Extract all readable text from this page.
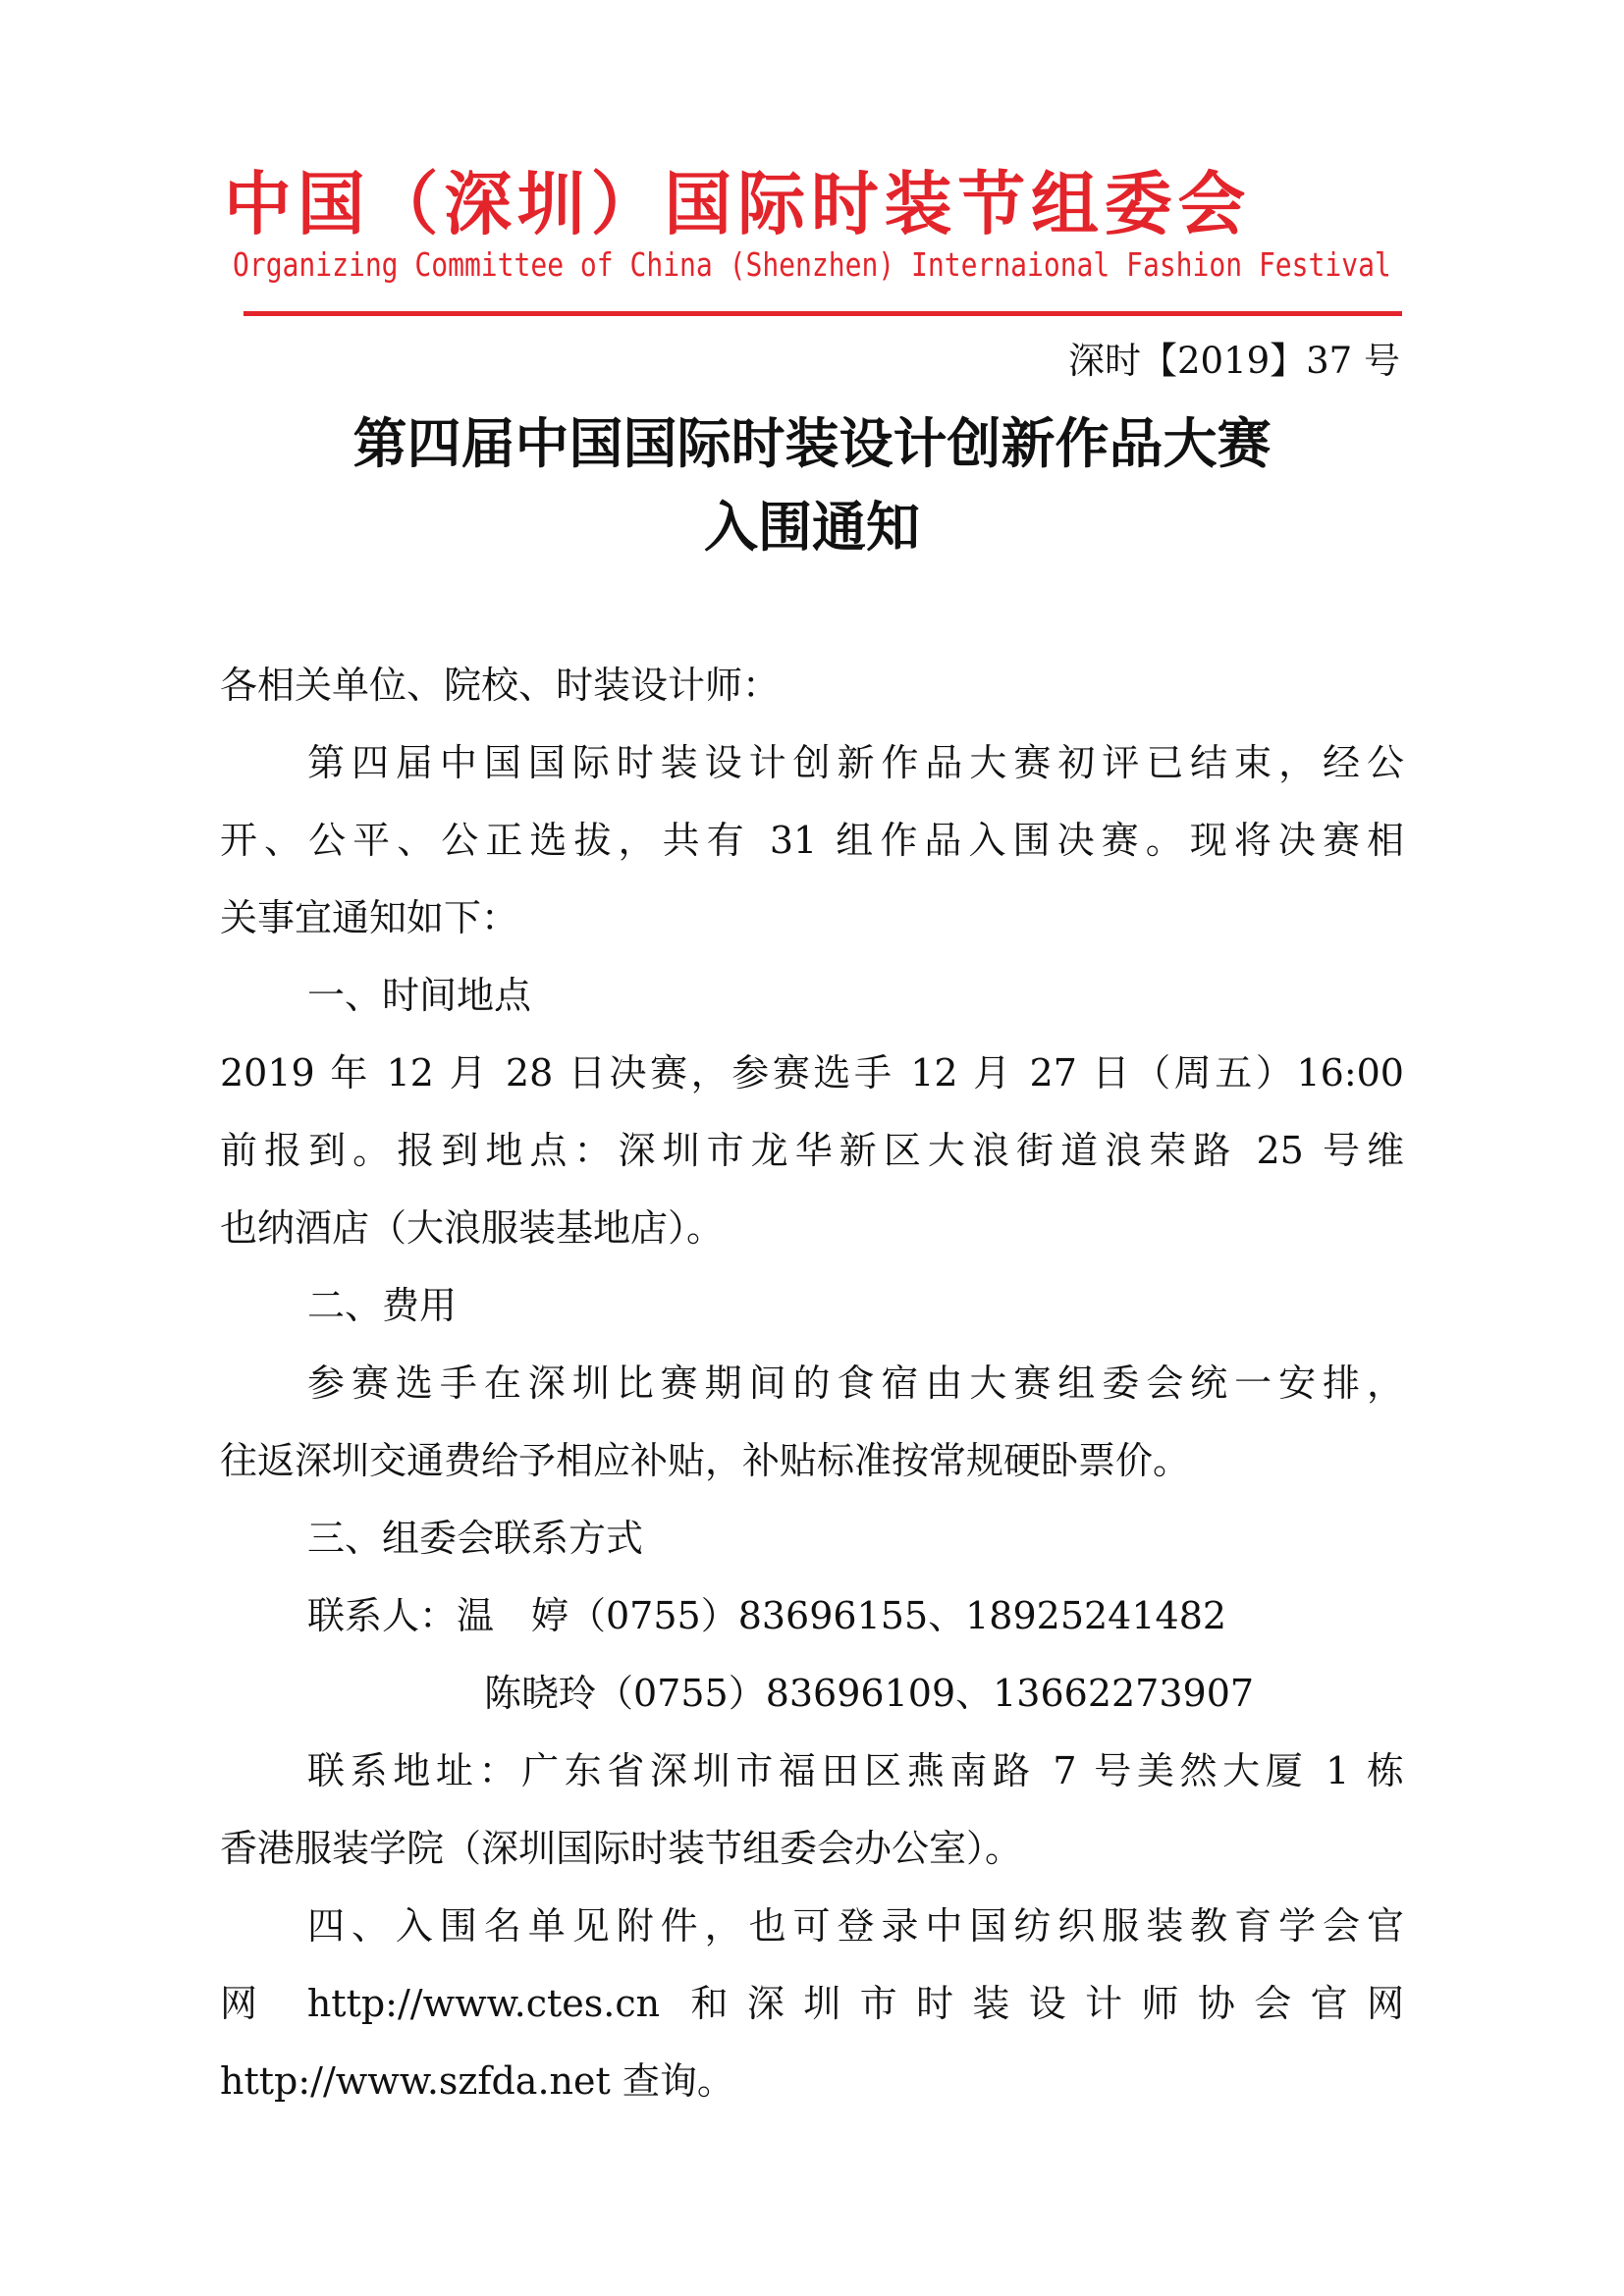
中国（深圳）国际时装节组委会
Organizing Committee of China (Shenzhen) Internaional Fashion Festival
深时【2019】37 号
第四届中国国际时装设计创新作品大赛
入围通知
各相关单位、院校、时装设计师：
第四届中国国际时装设计创新作品大赛初评已结束，经公
开、公平、公正选拔，共有 31 组作品入围决赛。现将决赛相
关事宜通知如下：
一、时间地点
2019 年 12 月 28 日决赛，参赛选手 12 月 27 日（周五）16:00
前报到。报到地点：深圳市龙华新区大浪街道浪荣路 25 号维
也纳酒店（大浪服装基地店）。
二、费用
参赛选手在深圳比赛期间的食宿由大赛组委会统一安排，
往返深圳交通费给予相应补贴，补贴标准按常规硬卧票价。
三、组委会联系方式
联系人：温　婷（0755）83696155、18925241482
陈晓玲（0755）83696109、13662273907
联系地址：广东省深圳市福田区燕南路 7 号美然大厦 1 栋
香港服装学院（深圳国际时装节组委会办公室）。
四、入围名单见附件，也可登录中国纺织服装教育学会官
网 http://www.ctes.cn 和深圳市时装设计师协会官网
http://www.szfda.net 查询。
